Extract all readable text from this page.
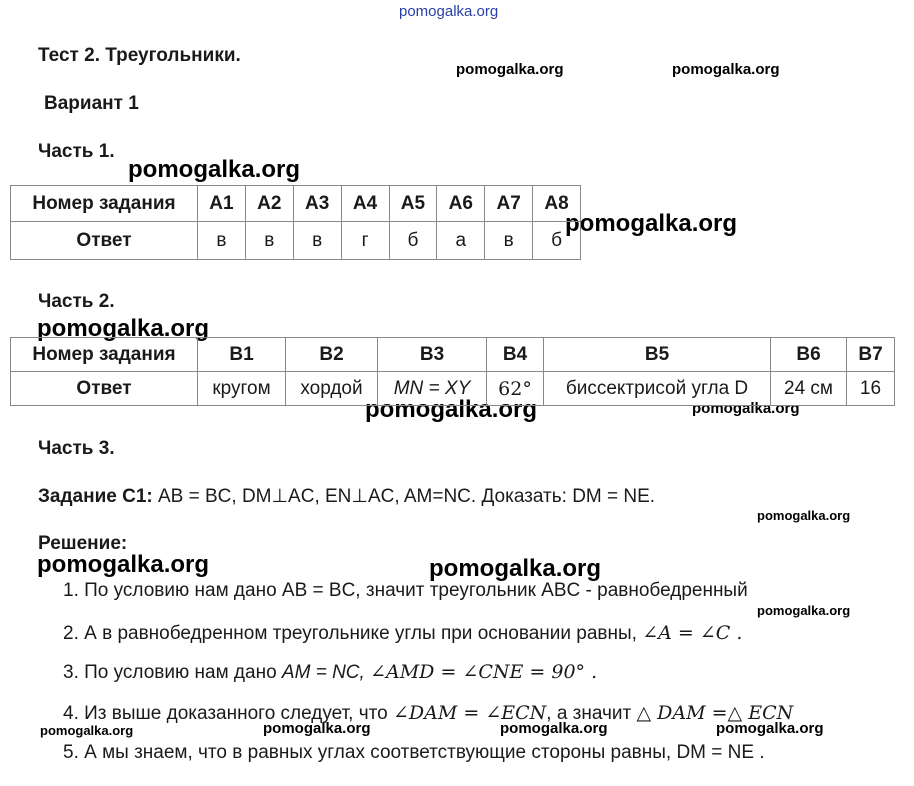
pomogalka.org
pomogalka.org	pomogalka.org
pomogalka.org
pomogalka.org
pomogalka.org
pomogalka.org	pomogalka.org
pomogalka.org
pomogalka.org	pomogalka.org
pomogalka.org
pomogalka.org	pomogalka.org	pomogalka.org	pomogalka.org
Тест 2. Треугольники.
Вариант 1
Часть 1.
Номер задания	А1	А2	А3	А4	А5	А6	А7	А8
Ответ	в	в	в	г	б	а	в	б
Часть 2.
Номер задания	В1	В2	В3	В4	В5	В6	В7
Ответ	кругом	хордой	MN = XY	62°	биссектрисой угла D	24 см	16
Часть 3.
Задание С1: AB = BC, DM⊥AC, EN⊥AC, AM=NC. Доказать: DM = NE.
Решение:
1. По условию нам дано AB = BC, значит треугольник ABC - равнобедренный
2. А в равнобедренном треугольнике углы при основании равны, ∠A = ∠C .
3. По условию нам дано AM = NC, ∠AMD = ∠CNE = 90° .
4. Из выше доказанного следует, что ∠DAM = ∠ECN, а значит △ DAM =△ ECN
5. А мы знаем, что в равных углах соответствующие стороны равны, DM = NE .
